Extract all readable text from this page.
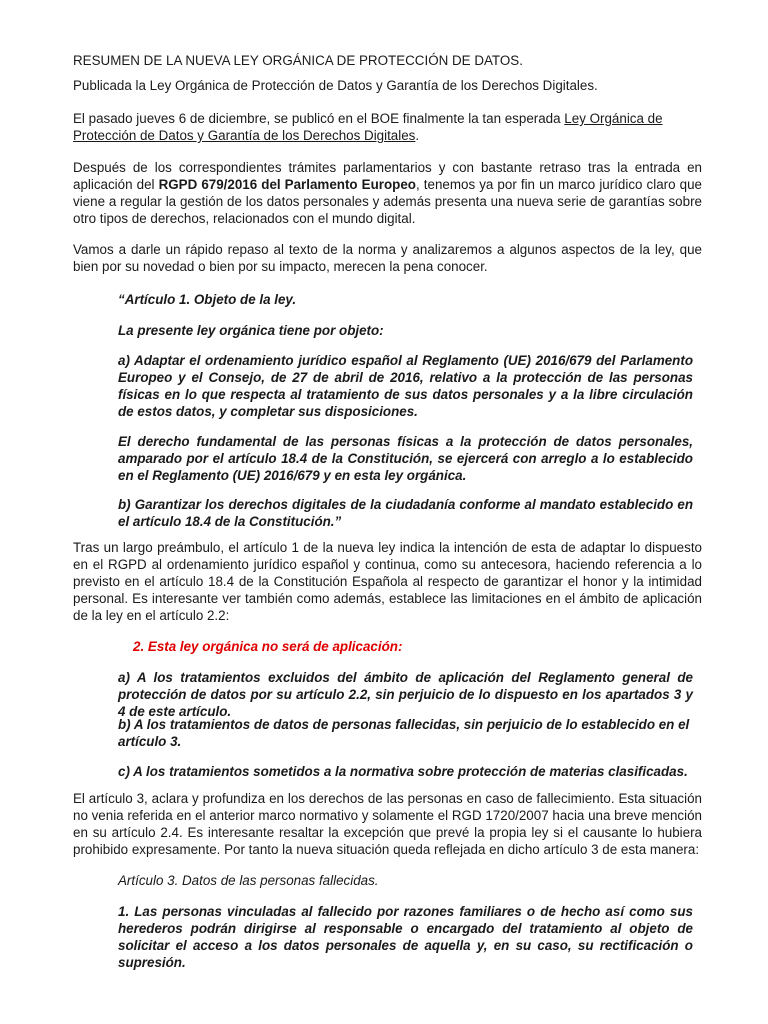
RESUMEN DE LA NUEVA LEY ORGÁNICA DE PROTECCIÓN DE DATOS.

Publicada la Ley Orgánica de Protección de Datos y Garantía de los Derechos Digitales.

El pasado jueves 6 de diciembre, se publicó en el BOE finalmente la tan esperada Ley Orgánica de Protección de Datos y Garantía de los Derechos Digitales.

Después de los correspondientes trámites parlamentarios y con bastante retraso tras la entrada en aplicación del RGPD 679/2016 del Parlamento Europeo, tenemos ya por fin un marco jurídico claro que viene a regular la gestión de los datos personales y además presenta una nueva serie de garantías sobre otro tipos de derechos, relacionados con el mundo digital.

Vamos a darle un rápido repaso al texto de la norma y analizaremos a algunos aspectos de la ley, que bien por su novedad o bien por su impacto, merecen la pena conocer.

“Artículo 1. Objeto de la ley.

La presente ley orgánica tiene por objeto:

a) Adaptar el ordenamiento jurídico español al Reglamento (UE) 2016/679 del Parlamento Europeo y el Consejo, de 27 de abril de 2016, relativo a la protección de las personas físicas en lo que respecta al tratamiento de sus datos personales y a la libre circulación de estos datos, y completar sus disposiciones.

El derecho fundamental de las personas físicas a la protección de datos personales, amparado por el artículo 18.4 de la Constitución, se ejercerá con arreglo a lo establecido en el Reglamento (UE) 2016/679 y en esta ley orgánica.

b) Garantizar los derechos digitales de la ciudadanía conforme al mandato establecido en el artículo 18.4 de la Constitución.”

Tras un largo preámbulo, el artículo 1 de la nueva ley indica la intención de esta de adaptar lo dispuesto en el RGPD al ordenamiento jurídico español y continua, como su antecesora, haciendo referencia a lo previsto en el artículo 18.4 de la Constitución Española al respecto de garantizar el honor y la intimidad personal. Es interesante ver también como además, establece las limitaciones en el ámbito de aplicación de la ley en el artículo 2.2:

2. Esta ley orgánica no será de aplicación:

a) A los tratamientos excluidos del ámbito de aplicación del Reglamento general de protección de datos por su artículo 2.2, sin perjuicio de lo dispuesto en los apartados 3 y 4 de este artículo.

b) A los tratamientos de datos de personas fallecidas, sin perjuicio de lo establecido en el artículo 3.

c) A los tratamientos sometidos a la normativa sobre protección de materias clasificadas.

El artículo 3, aclara y profundiza en los derechos de las personas en caso de fallecimiento. Esta situación no venia referida en el anterior marco normativo y solamente el RGD 1720/2007 hacia una breve mención en su artículo 2.4. Es interesante resaltar la excepción que prevé la propia ley si el causante lo hubiera prohibido expresamente. Por tanto la nueva situación queda reflejada en dicho artículo 3 de esta manera:

Artículo 3. Datos de las personas fallecidas.

1. Las personas vinculadas al fallecido por razones familiares o de hecho así como sus herederos podrán dirigirse al responsable o encargado del tratamiento al objeto de solicitar el acceso a los datos personales de aquella y, en su caso, su rectificación o supresión.
